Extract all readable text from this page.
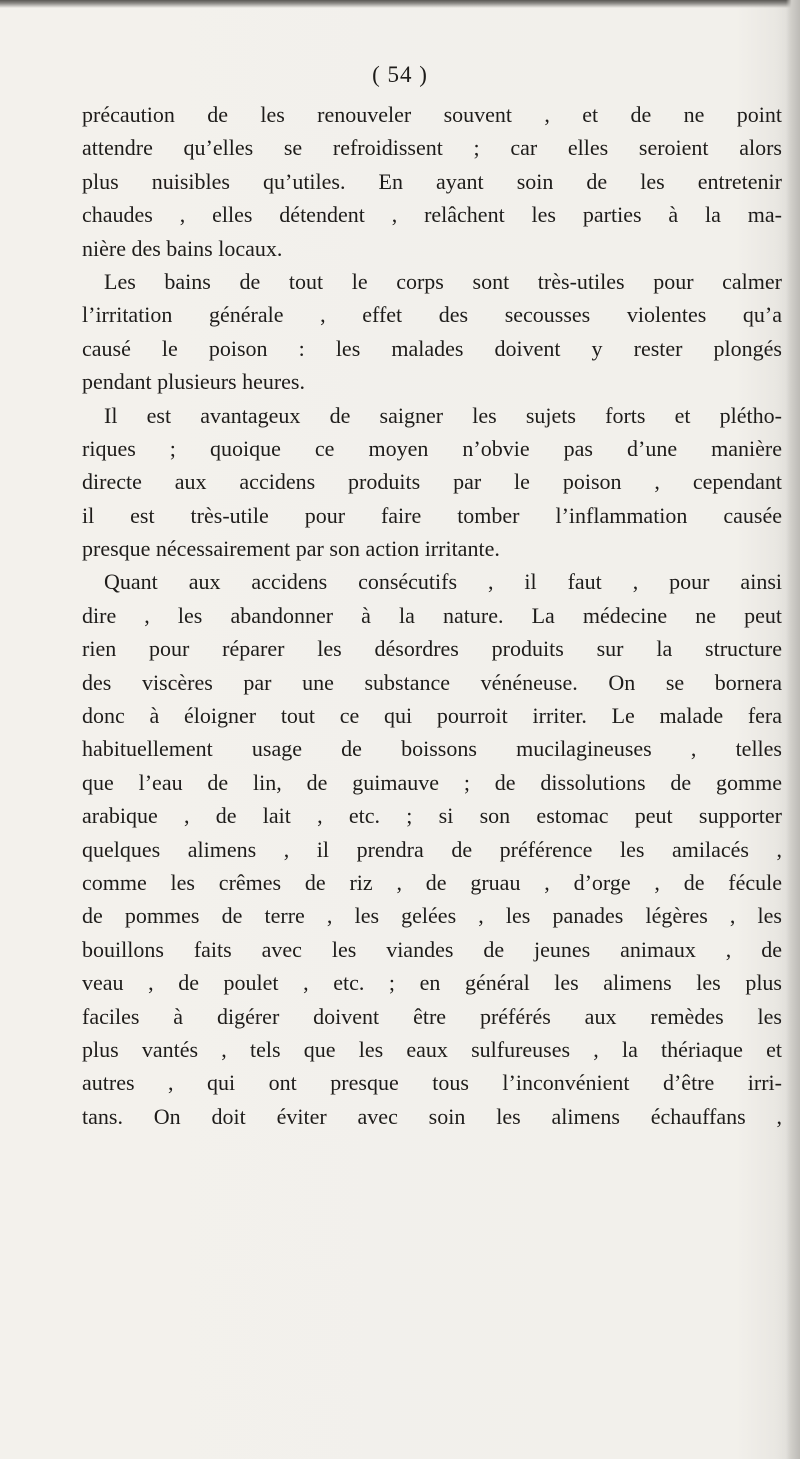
( 54 )
précaution de les renouveler souvent , et de ne point
attendre qu’elles se refroidissent ; car elles seroient alors
plus nuisibles qu’utiles. En ayant soin de les entretenir
chaudes , elles détendent , relâchent les parties à la ma-
nière des bains locaux.
Les bains de tout le corps sont très-utiles pour calmer
l’irritation générale , effet des secousses violentes qu’a
causé le poison : les malades doivent y rester plongés
pendant plusieurs heures.
Il est avantageux de saigner les sujets forts et plétho-
riques ; quoique ce moyen n’obvie pas d’une manière
directe aux accidens produits par le poison , cependant
il est très-utile pour faire tomber l’inflammation causée
presque nécessairement par son action irritante.
Quant aux accidens consécutifs , il faut , pour ainsi
dire , les abandonner à la nature. La médecine ne peut
rien pour réparer les désordres produits sur la structure
des viscères par une substance vénéneuse. On se bornera
donc à éloigner tout ce qui pourroit irriter. Le malade fera
habituellement usage de boissons mucilagineuses , telles
que l’eau de lin, de guimauve ; de dissolutions de gomme
arabique , de lait , etc. ; si son estomac peut supporter
quelques alimens , il prendra de préférence les amilacés ,
comme les crêmes de riz , de gruau , d’orge , de fécule
de pommes de terre , les gelées , les panades légères , les
bouillons faits avec les viandes de jeunes animaux , de
veau , de poulet , etc. ; en général les alimens les plus
faciles à digérer doivent être préférés aux remèdes les
plus vantés , tels que les eaux sulfureuses , la thériaque et
autres , qui ont presque tous l’inconvénient d’être irri-
tans. On doit éviter avec soin les alimens échauffans ,
